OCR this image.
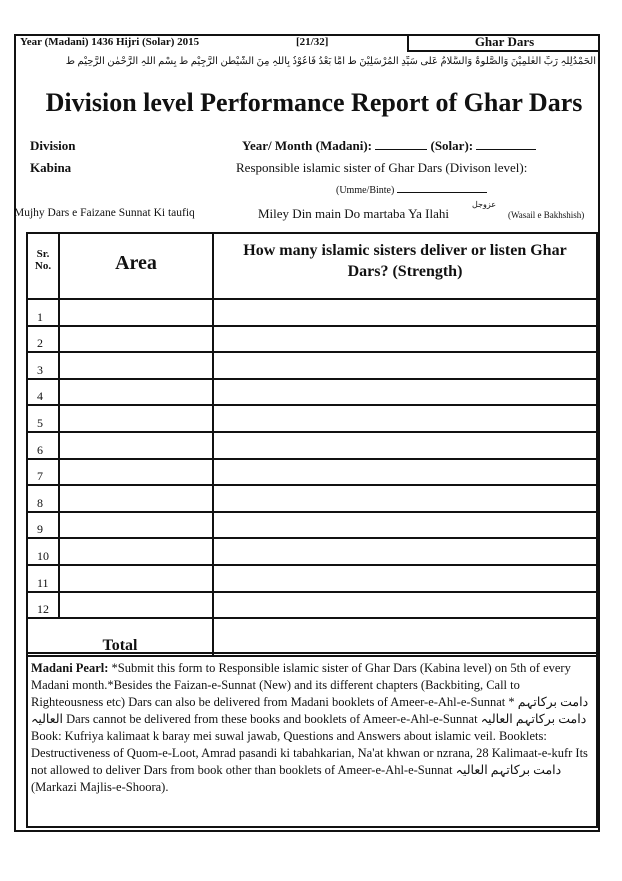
Year (Madani) 1436 Hijri (Solar) 2015	[21/32]	Ghar Dars
اَلْحَمْدُلِلّٰہِ رَبِّ الْعٰلَمِیْنَ وَالصَّلٰوۃُ وَالسَّلَامُ عَلٰی سَیِّدِ الْمُرْسَلِیْنَ ط اَمَّا بَعْدُ فَاَعُوْذُ بِاللّٰہِ مِنَ الشَّیْطٰنِ الرَّجِیْمِ ط بِسْمِ اللّٰہِ الرَّحْمٰنِ الرَّحِیْمِ ط
Division level Performance Report of Ghar Dars
Division	Year/ Month (Madani):	(Solar):
Kabina	Responsible islamic sister of Ghar Dars (Divison level):
(Umme/Binte)
Mujhy Dars e Faizane Sunnat Ki taufiq	Miley Din main Do martaba Ya Ilahi
عزوجل
(Wasail e Bakhshish)
Sr. No.	Area	How many islamic sisters deliver or listen Ghar Dars? (Strength)
1		
2		
3		
4		
5		
6		
7		
8		
9		
10		
11		
12		
Total		
Madani Pearl: *Submit this form to Responsible islamic sister of Ghar Dars (Kabina level) on 5th of every Madani month.*Besides the Faizan-e-Sunnat (New) and its different chapters (Backbiting, Call to Righteousness etc) Dars can also be delivered from Madani booklets of Ameer-e-Ahl-e-Sunnat * دامت برکاتہم العالیہ Dars cannot be delivered from these books and booklets of Ameer-e-Ahl-e-Sunnat دامت برکاتہم العالیہ Book: Kufriya kalimaat k baray mei suwal jawab, Questions and Answers about islamic veil. Booklets: Destructiveness of Quom-e-Loot, Amrad pasandi ki tabahkarian, Na'at khwan or nzrana, 28 Kalimaat-e-kufr Its not allowed to deliver Dars from book other than booklets of Ameer-e-Ahl-e-Sunnat دامت برکاتہم العالیہ (Markazi Majlis-e-Shoora).
